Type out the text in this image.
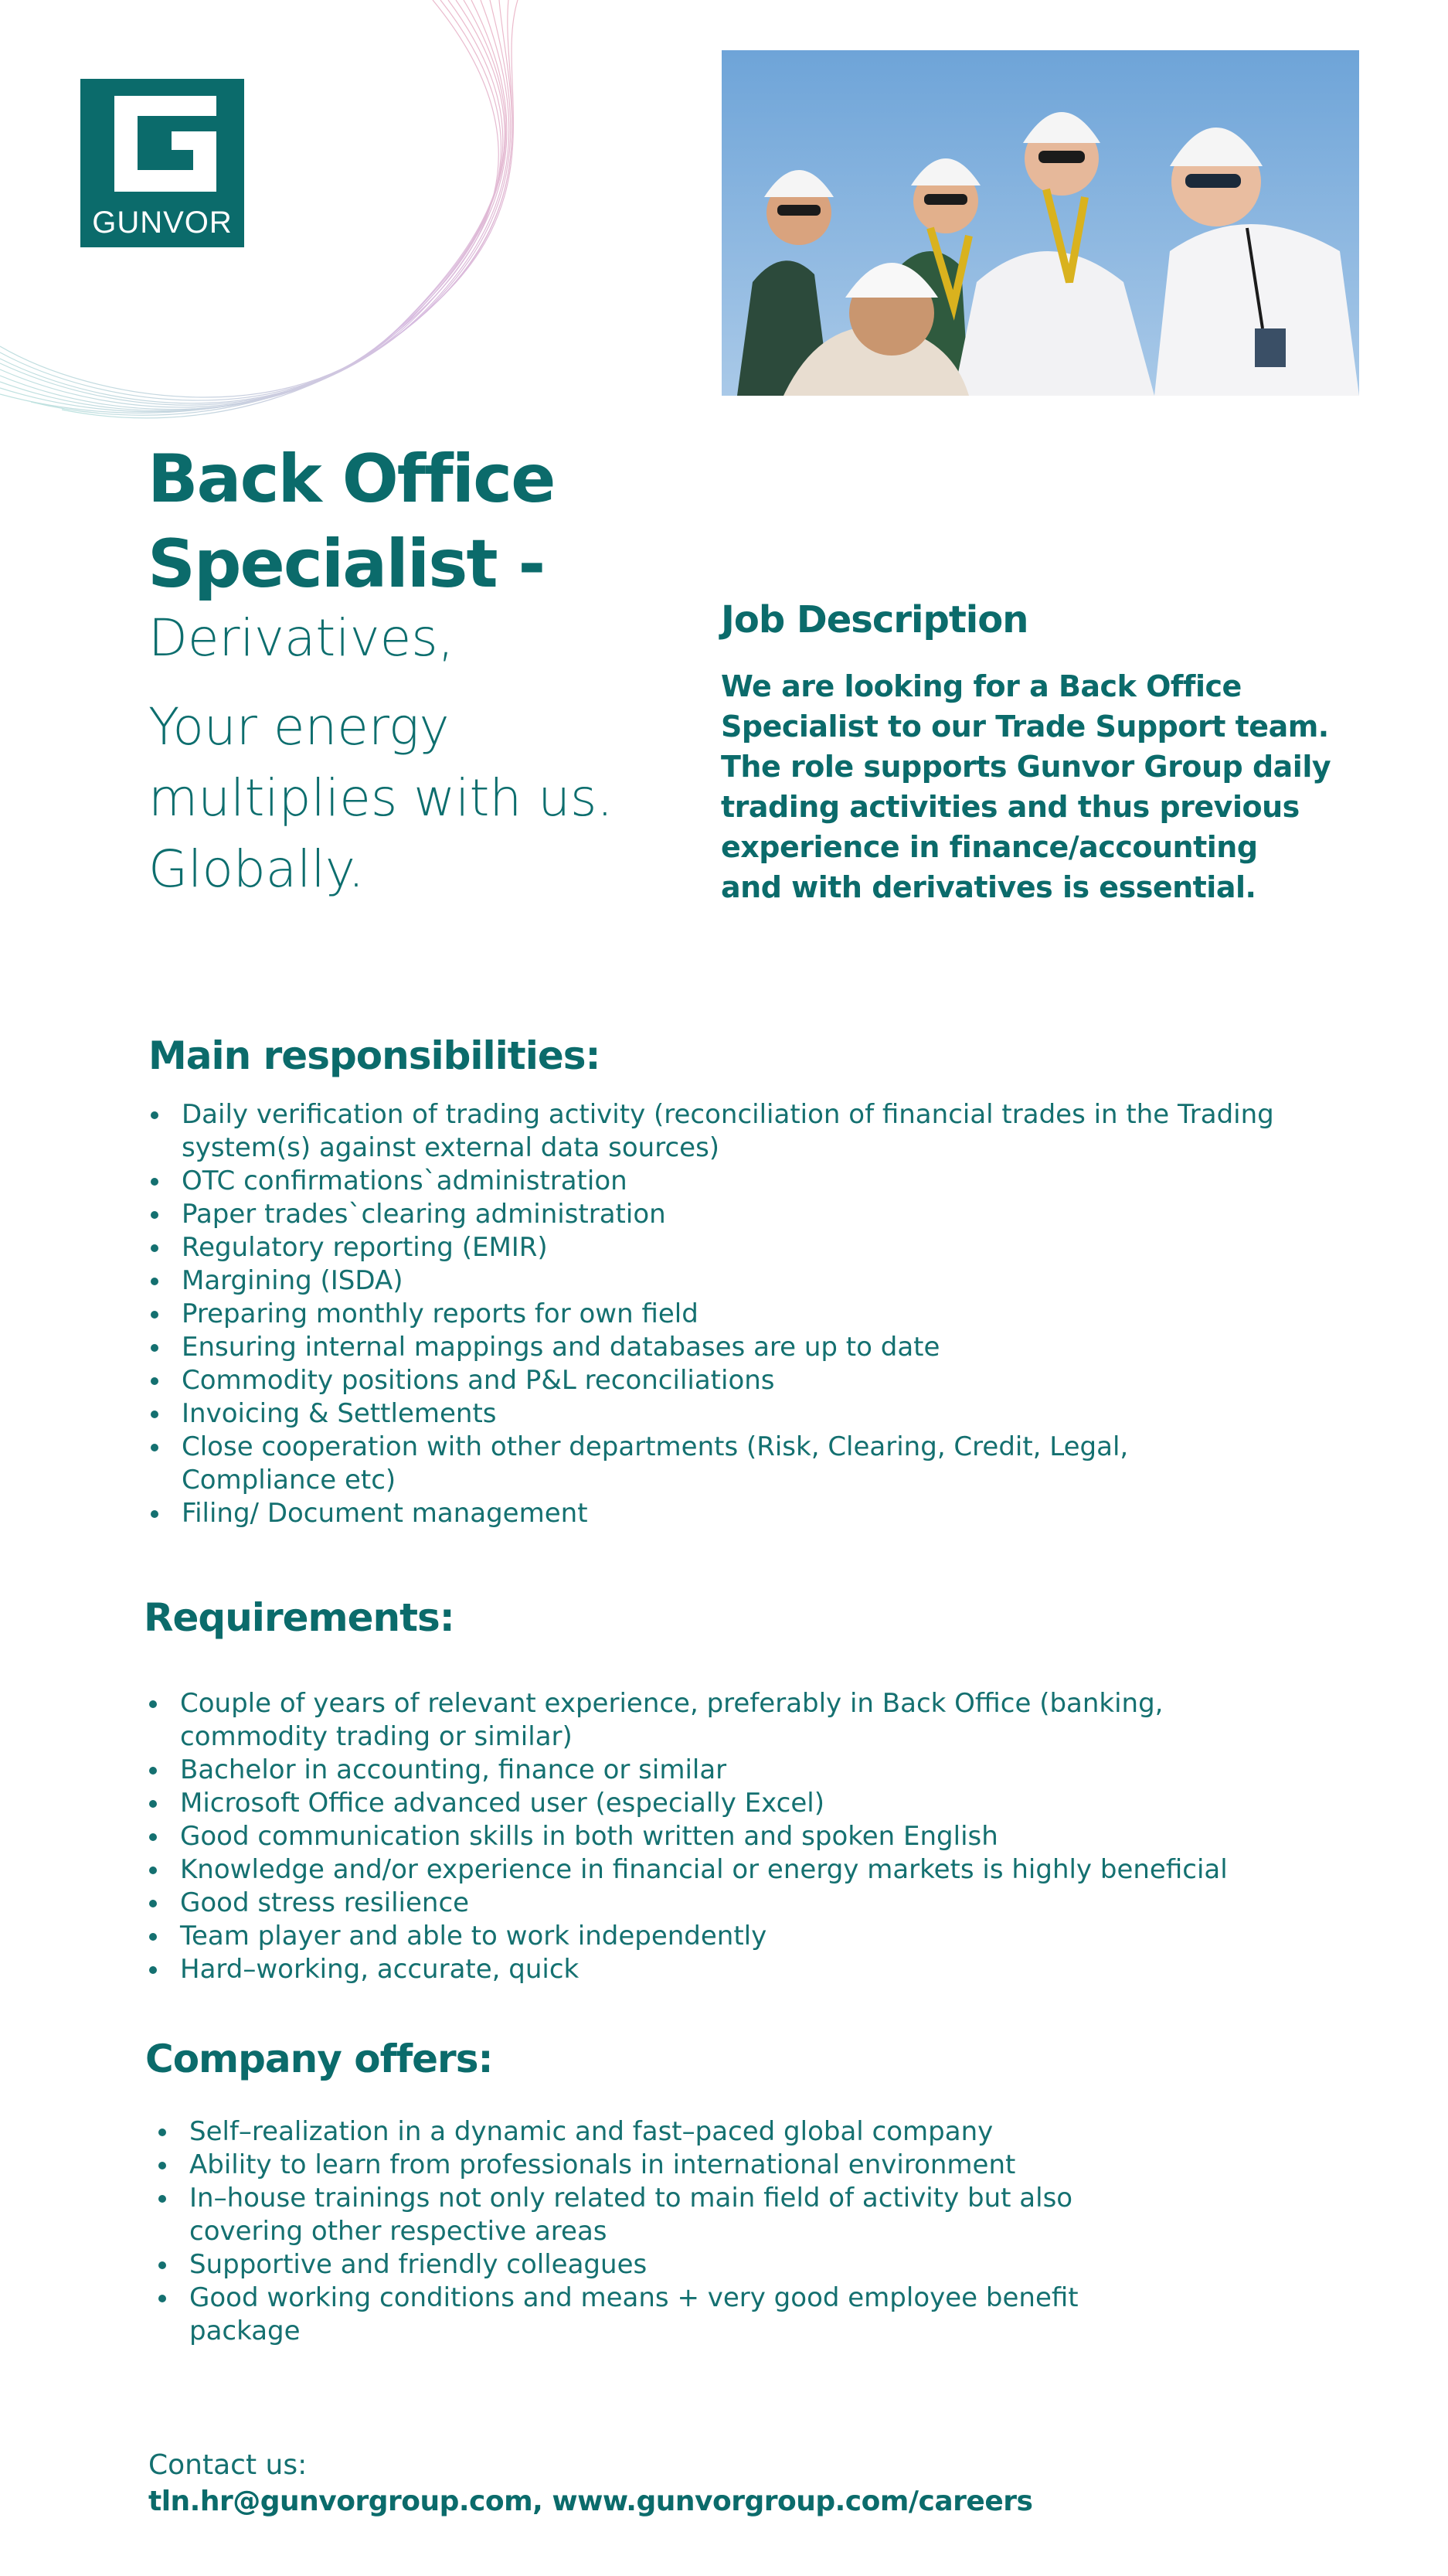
GUNVOR
Back Office
Specialist -
Derivatives,
Your energy
multiplies with us.
Globally.
Job Description
We are looking for a Back Office
Specialist to our Trade Support team.
The role supports Gunvor Group daily
trading activities and thus previous
experience in finance/accounting
and with derivatives is essential.
Main responsibilities:
Daily verification of trading activity (reconciliation of financial trades in the Trading system(s) against external data sources)
OTC confirmations`administration
Paper trades`clearing administration
Regulatory reporting (EMIR)
Margining (ISDA)
Preparing monthly reports for own field
Ensuring internal mappings and databases are up to date
Commodity positions and P&L reconciliations
Invoicing & Settlements
Close cooperation with other departments (Risk, Clearing, Credit, Legal, Compliance etc)
Filing/ Document management
Requirements:
Couple of years of relevant experience, preferably in Back Office (banking, commodity trading or similar)
Bachelor in accounting, finance or similar
Microsoft Office advanced user (especially Excel)
Good communication skills in both written and spoken English
Knowledge and/or experience in financial or energy markets is highly beneficial
Good stress resilience
Team player and able to work independently
Hard–working, accurate, quick
Company offers:
Self–realization in a dynamic and fast–paced global company
Ability to learn from professionals in international environment
In–house trainings not only related to main field of activity but also covering other respective areas
Supportive and friendly colleagues
Good working conditions and means + very good employee benefit package
Contact us:
tln.hr@gunvorgroup.com, www.gunvorgroup.com/careers
